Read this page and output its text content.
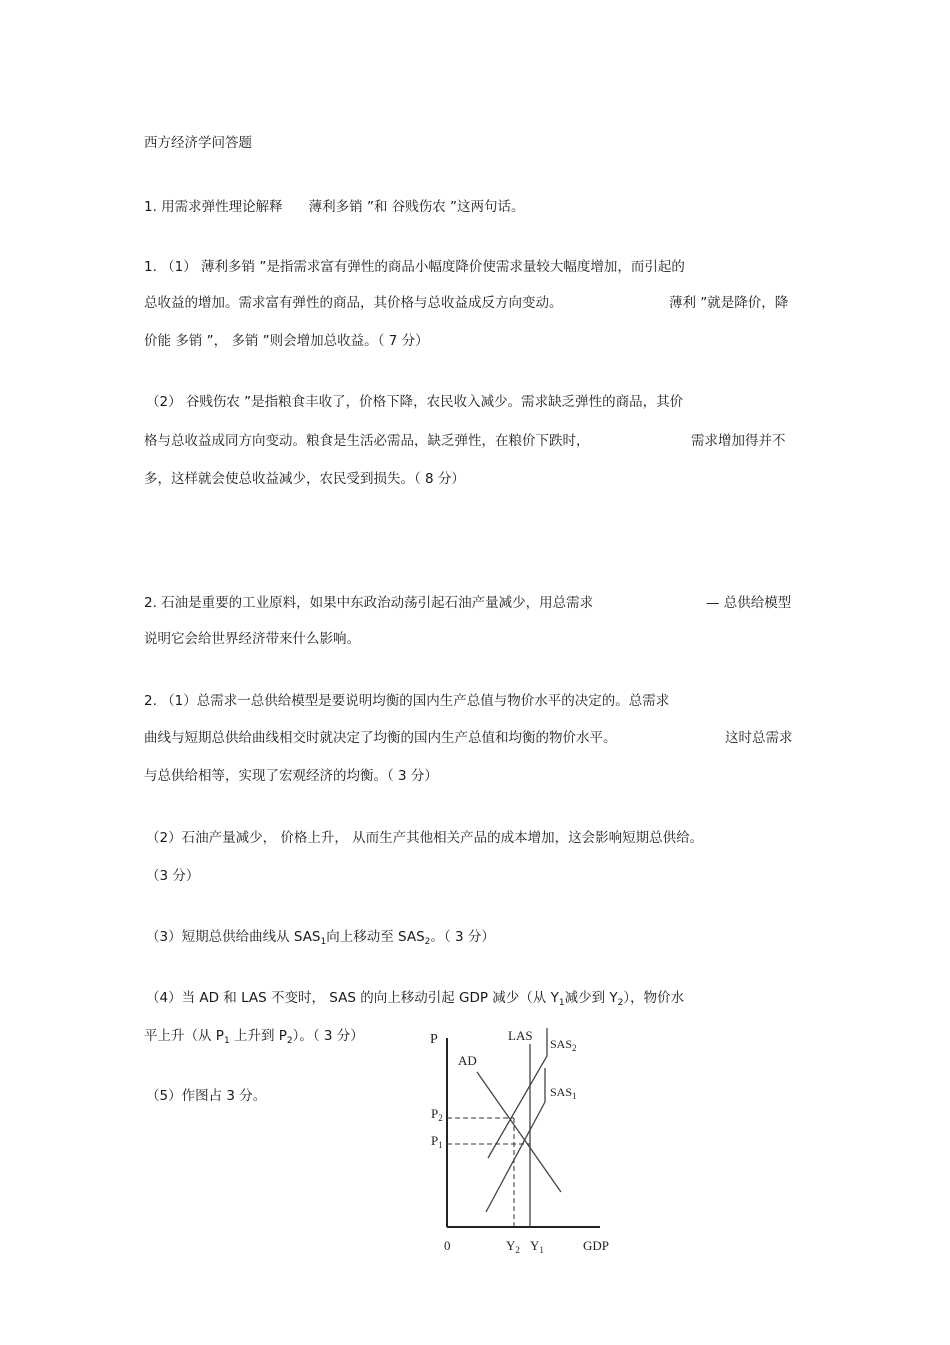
西方经济学问答题
1. 用需求弹性理论解释 薄利多销 ”和 谷贱伤农 ”这两句话。
1. （1） 薄利多销 ”是指需求富有弹性的商品小幅度降价使需求量较大幅度增加，而引起的
总收益的增加。需求富有弹性的商品，其价格与总收益成反方向变动。	薄利 ”就是降价，降
价能 多销 ”， 多销 ”则会增加总收益。（ 7 分）
（2） 谷贱伤农 ”是指粮食丰收了，价格下降，农民收入减少。需求缺乏弹性的商品，其价
格与总收益成同方向变动。粮食是生活必需品，缺乏弹性，在粮价下跌时，	需求增加得并不
多，这样就会使总收益减少，农民受到损失。（ 8 分）
2. 石油是重要的工业原料，如果中东政治动荡引起石油产量减少，用总需求	— 总供给模型
说明它会给世界经济带来什么影响。
2. （1）总需求一总供给模型是要说明均衡的国内生产总值与物价水平的决定的。总需求
曲线与短期总供给曲线相交时就决定了均衡的国内生产总值和均衡的物价水平。	这时总需求
与总供给相等，实现了宏观经济的均衡。（ 3 分）
（2）石油产量减少， 价格上升， 从而生产其他相关产品的成本增加，这会影响短期总供给。
（3 分）
（3）短期总供给曲线从 $SAS_1$向上移动至 $SAS_2$。（ 3 分）
（4）当 AD 和 LAS 不变时， SAS 的向上移动引起 GDP 减少（从 $Y_1$减少到 $Y_2$），物价水
平上升（从 $P_1$ 上升到 $P_2$）。（ 3 分）
（5）作图占 3 分。
P	LAS
$SAS_2$
AD
$SAS_1$
$P_2$
$P_1$
0	$Y_2$ $Y_1$	GDP
